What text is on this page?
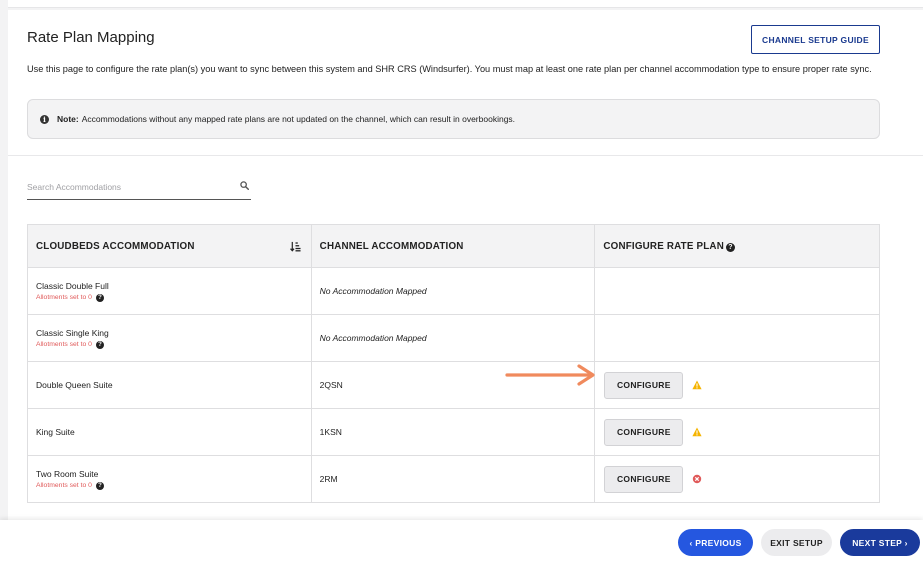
Rate Plan Mapping	CHANNEL SETUP GUIDE
Use this page to configure the rate plan(s) you want to sync between this system and SHR CRS (Windsurfer). You must map at least one rate plan per channel accommodation type to ensure proper rate sync.
i	Note: Accommodations without any mapped rate plans are not updated on the channel, which can result in overbookings.
Search Accommodations
CLOUDBEDS ACCOMMODATION	CHANNEL ACCOMMODATION	CONFIGURE RATE PLAN ?

Classic Double Full
Allotments set to 0 ?	No Accommodation Mapped	

Classic Single King
Allotments set to 0 ?	No Accommodation Mapped	

Double Queen Suite	2QSN	CONFIGURE

King Suite	1KSN	CONFIGURE

Two Room Suite
Allotments set to 0 ?	2RM	CONFIGURE
‹ PREVIOUS	EXIT SETUP	NEXT STEP ›
